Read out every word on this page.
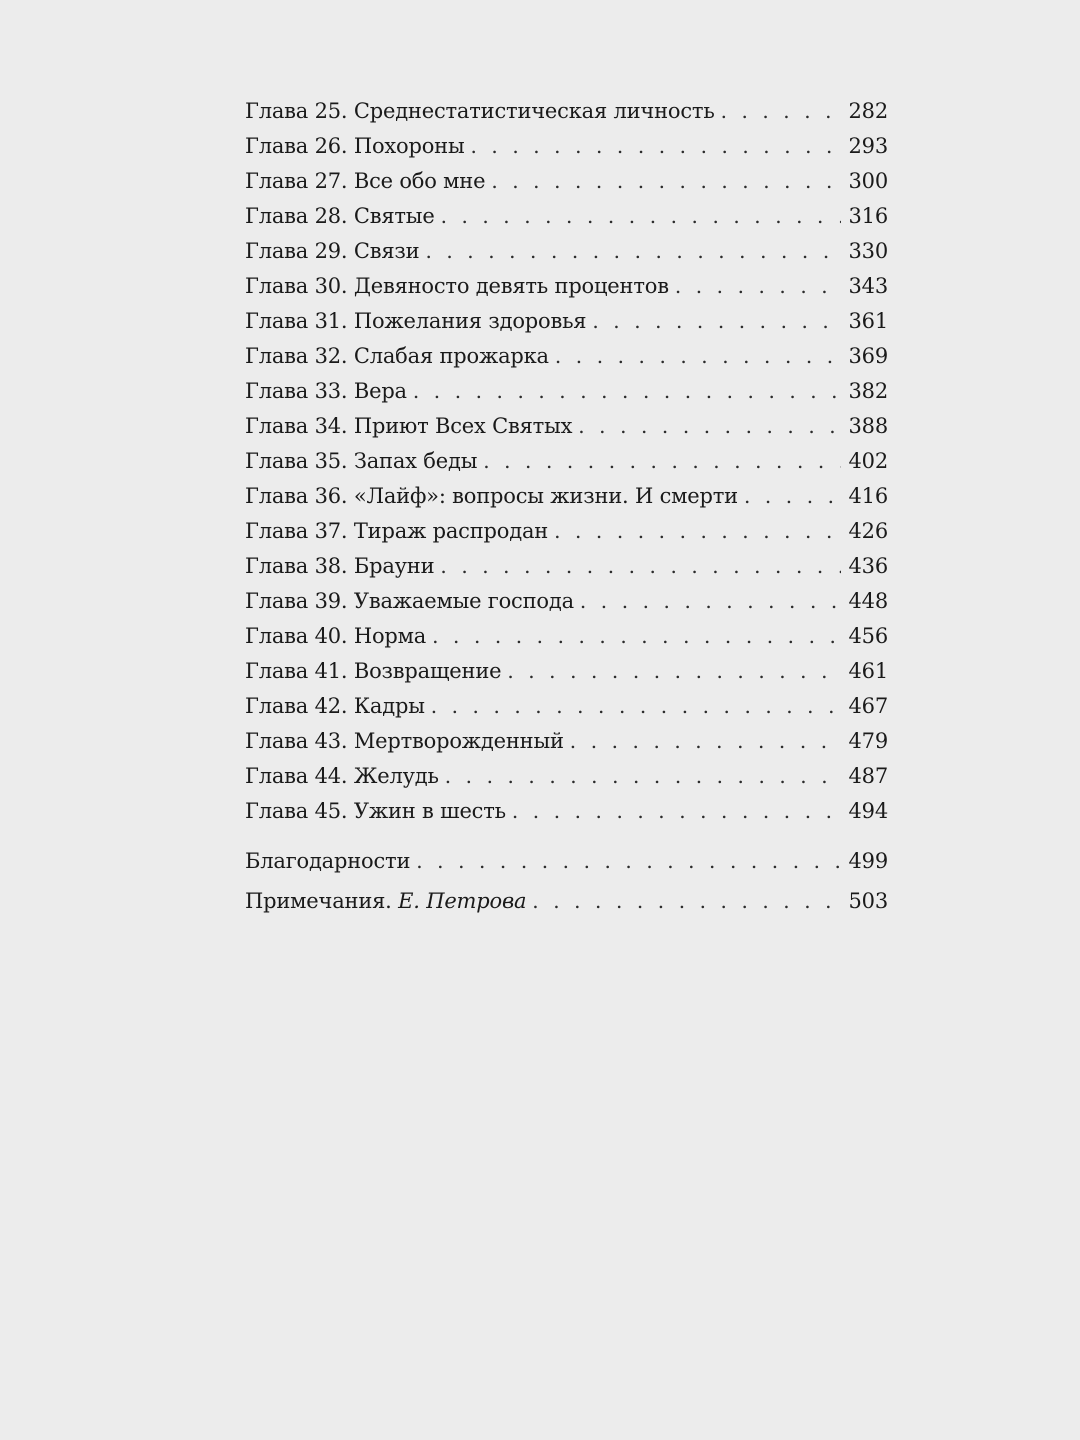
Глава 25. Среднестатистическая личность . . .	282
Глава 26. Похороны . . .	293
Глава 27. Все обо мне . . .	300
Глава 28. Святые . . .	316
Глава 29. Связи . . .	330
Глава 30. Девяносто девять процентов . . .	343
Глава 31. Пожелания здоровья . . .	361
Глава 32. Слабая прожарка . . .	369
Глава 33. Вера . . .	382
Глава 34. Приют Всех Святых . . .	388
Глава 35. Запах беды . . .	402
Глава 36. «Лайф»: вопросы жизни. И смерти . . .	416
Глава 37. Тираж распродан . . .	426
Глава 38. Брауни . . .	436
Глава 39. Уважаемые господа . . .	448
Глава 40. Норма . . .	456
Глава 41. Возвращение . . .	461
Глава 42. Кадры . . .	467
Глава 43. Мертворожденный . . .	479
Глава 44. Желудь . . .	487
Глава 45. Ужин в шесть . . .	494
Благодарности . . .	499
Примечания. Е. Петрова . . .	503
